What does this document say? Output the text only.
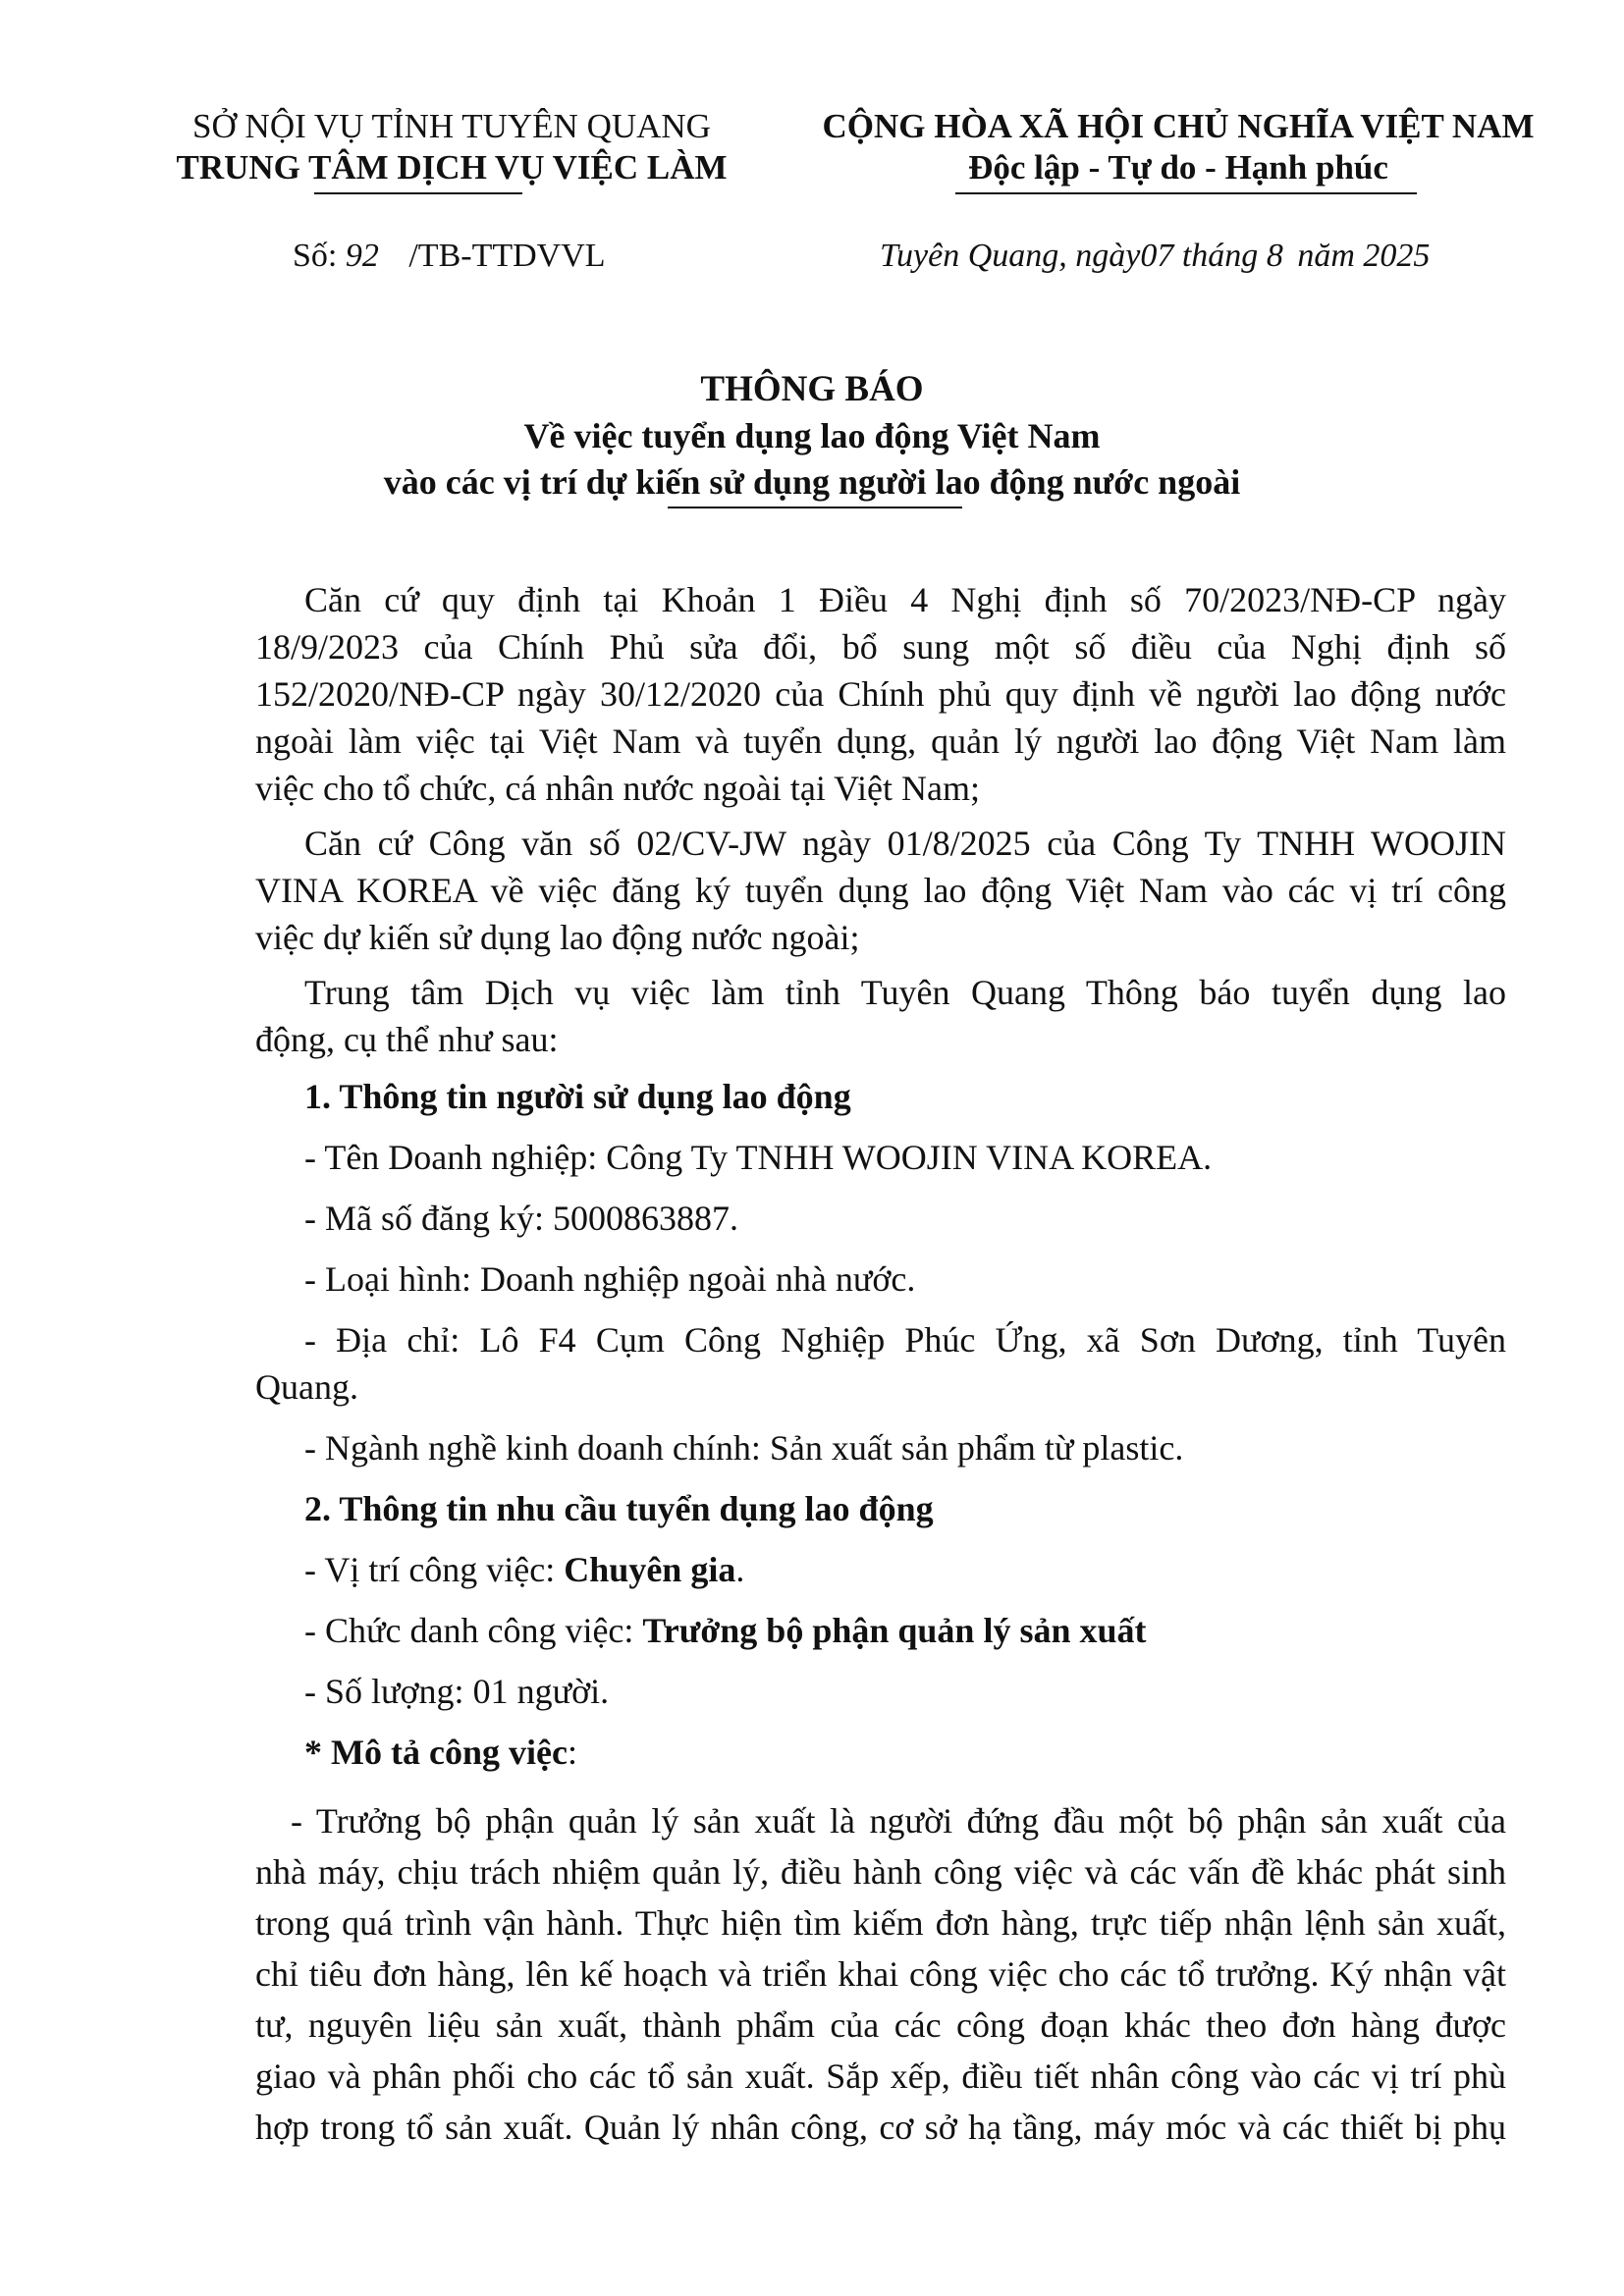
SỞ NỘI VỤ TỈNH TUYÊN QUANG
TRUNG TÂM DỊCH VỤ VIỆC LÀM
CỘNG HÒA XÃ HỘI CHỦ NGHĨA VIỆT NAM
Độc lập - Tự do - Hạnh phúc
Số: 92 /TB-TTDVVL	Tuyên Quang, ngày07 tháng 8 năm 2025
THÔNG BÁO
Về việc tuyển dụng lao động Việt Nam
vào các vị trí dự kiến sử dụng người lao động nước ngoài
Căn cứ quy định tại Khoản 1 Điều 4 Nghị định số 70/2023/NĐ-CP ngày
18/9/2023 của Chính Phủ sửa đổi, bổ sung một số điều của Nghị định số
152/2020/NĐ-CP ngày 30/12/2020 của Chính phủ quy định về người lao động nước
ngoài làm việc tại Việt Nam và tuyển dụng, quản lý người lao động Việt Nam làm
việc cho tổ chức, cá nhân nước ngoài tại Việt Nam;
Căn cứ Công văn số 02/CV-JW ngày 01/8/2025 của Công Ty TNHH WOOJIN
VINA KOREA về việc đăng ký tuyển dụng lao động Việt Nam vào các vị trí công
việc dự kiến sử dụng lao động nước ngoài;
Trung tâm Dịch vụ việc làm tỉnh Tuyên Quang Thông báo tuyển dụng lao
động, cụ thể như sau:
1. Thông tin người sử dụng lao động
- Tên Doanh nghiệp: Công Ty TNHH WOOJIN VINA KOREA.
- Mã số đăng ký: 5000863887.
- Loại hình: Doanh nghiệp ngoài nhà nước.
- Địa chỉ: Lô F4 Cụm Công Nghiệp Phúc Ứng, xã Sơn Dương, tỉnh Tuyên
Quang.
- Ngành nghề kinh doanh chính: Sản xuất sản phẩm từ plastic.
2. Thông tin nhu cầu tuyển dụng lao động
- Vị trí công việc: Chuyên gia.
- Chức danh công việc: Trưởng bộ phận quản lý sản xuất
- Số lượng: 01 người.
* Mô tả công việc:
- Trưởng bộ phận quản lý sản xuất là người đứng đầu một bộ phận sản xuất của
nhà máy, chịu trách nhiệm quản lý, điều hành công việc và các vấn đề khác phát sinh
trong quá trình vận hành. Thực hiện tìm kiếm đơn hàng, trực tiếp nhận lệnh sản xuất,
chỉ tiêu đơn hàng, lên kế hoạch và triển khai công việc cho các tổ trưởng. Ký nhận vật
tư, nguyên liệu sản xuất, thành phẩm của các công đoạn khác theo đơn hàng được
giao và phân phối cho các tổ sản xuất. Sắp xếp, điều tiết nhân công vào các vị trí phù
hợp trong tổ sản xuất. Quản lý nhân công, cơ sở hạ tầng, máy móc và các thiết bị phụ
